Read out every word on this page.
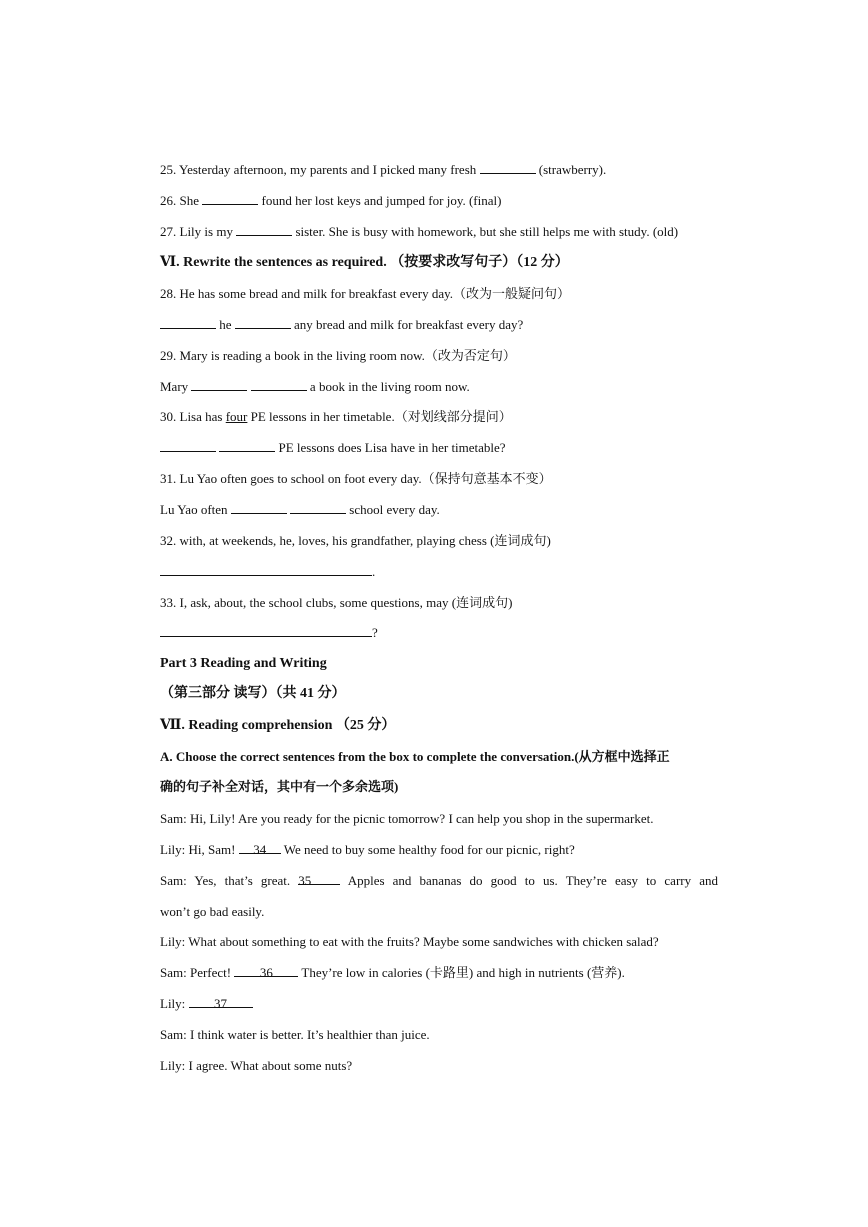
25. Yesterday afternoon, my parents and I picked many fresh	(strawberry).
26. She	found her lost keys and jumped for joy. (final)
27. Lily is my	sister. She is busy with homework, but she still helps me with study. (old)
Ⅵ. Rewrite the sentences as required. （按要求改写句子）（12 分）
28. He has some bread and milk for breakfast every day.（改为一般疑问句）
he	any bread and milk for breakfast every day?
29. Mary is reading a book in the living room now.（改为否定句）
Mary	a book in the living room now.
30. Lisa has four PE lessons in her timetable.（对划线部分提问）
PE lessons does Lisa have in her timetable?
31. Lu Yao often goes to school on foot every day.（保持句意基本不变）
Lu Yao often	school every day.
32. with, at weekends, he, loves, his grandfather, playing chess (连词成句)
.
33. I, ask, about, the school clubs, some questions, may (连词成句)
?
Part 3 Reading and Writing
（第三部分 读写）（共 41 分）
Ⅶ. Reading comprehension （25 分）
A. Choose the correct sentences from the box to complete the conversation.(从方框中选择正
确的句子补全对话，其中有一个多余选项)
Sam: Hi, Lily! Are you ready for the picnic tomorrow? I can help you shop in the supermarket.
Lily: Hi, Sam! 34 We need to buy some healthy food for our picnic, right?
Sam: Yes, that’s great. 35	Apples and bananas do good to us. They’re easy to carry and
won’t go bad easily.
Lily: What about something to eat with the fruits? Maybe some sandwiches with chicken salad?
Sam: Perfect! 36 They’re low in calories (卡路里) and high in nutrients (营养).
Lily: 37
Sam: I think water is better. It’s healthier than juice.
Lily: I agree. What about some nuts?
